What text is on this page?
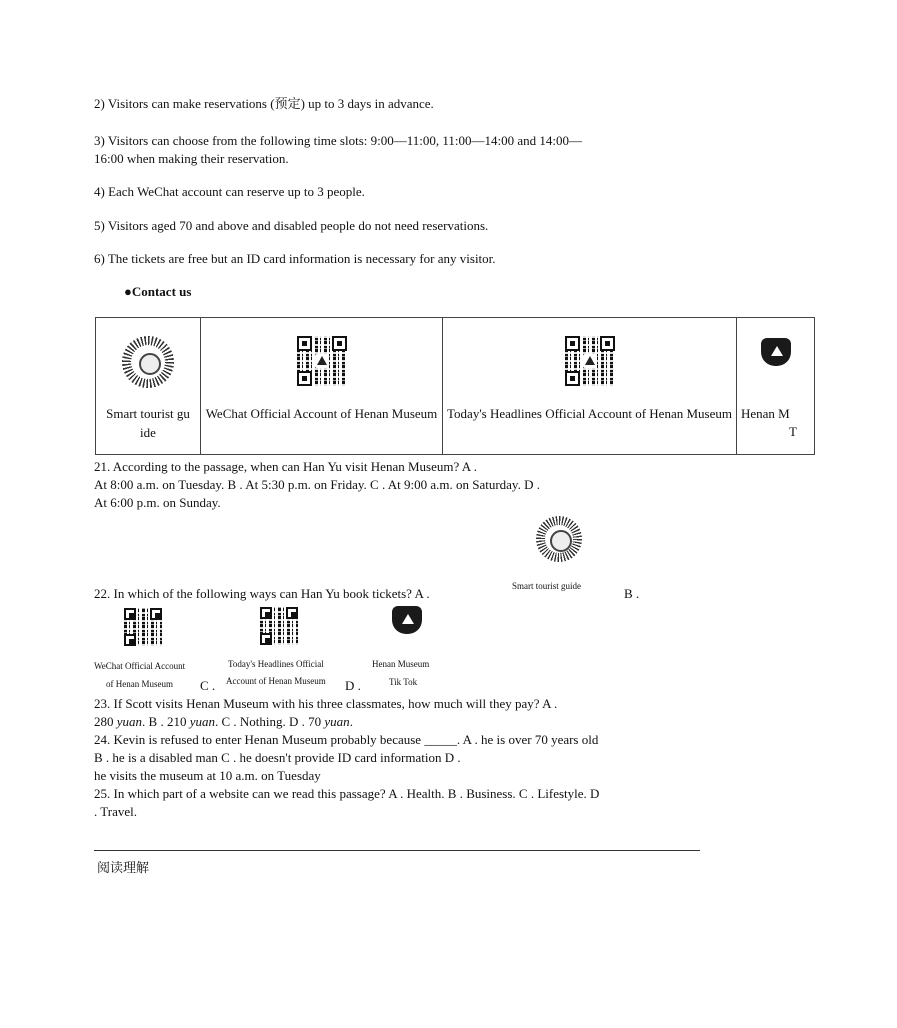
2) Visitors can make reservations (预定) up to 3 days in advance.
3) Visitors can choose from the following time slots: 9:00—11:00, 11:00—14:00 and 14:00—
16:00 when making their reservation.
4) Each WeChat account can reserve up to 3 people.
5) Visitors aged 70 and above and disabled people do not need reservations.
6) The tickets are free but an ID card information is necessary for any visitor.
●Contact us
Smart tourist gu ide
WeChat Official Account of Henan Museum Today's Headlines Official Account of Henan Museum Henan M
T
21. According to the passage, when can Han Yu visit Henan Museum? A .
At 8:00 a.m. on Tuesday. B . At 5:30 p.m. on Friday. C . At 9:00 a.m. on Saturday. D .
At 6:00 p.m. on Sunday.
Smart tourist guide
22. In which of the following ways can Han Yu book tickets? A .	B .
WeChat Official Account
of Henan Museum C .
Today's Headlines Official
Account of Henan Museum D .
Henan Museum
Tik Tok
23. If Scott visits Henan Museum with his three classmates, how much will they pay? A .
280 yuan. B . 210 yuan. C . Nothing. D . 70 yuan.
24. Kevin is refused to enter Henan Museum probably because _____. A . he is over 70 years old
B . he is a disabled man C . he doesn't provide ID card information D .
he visits the museum at 10 a.m. on Tuesday
25. In which part of a website can we read this passage? A . Health. B . Business. C . Lifestyle. D
. Travel.
阅读理解
